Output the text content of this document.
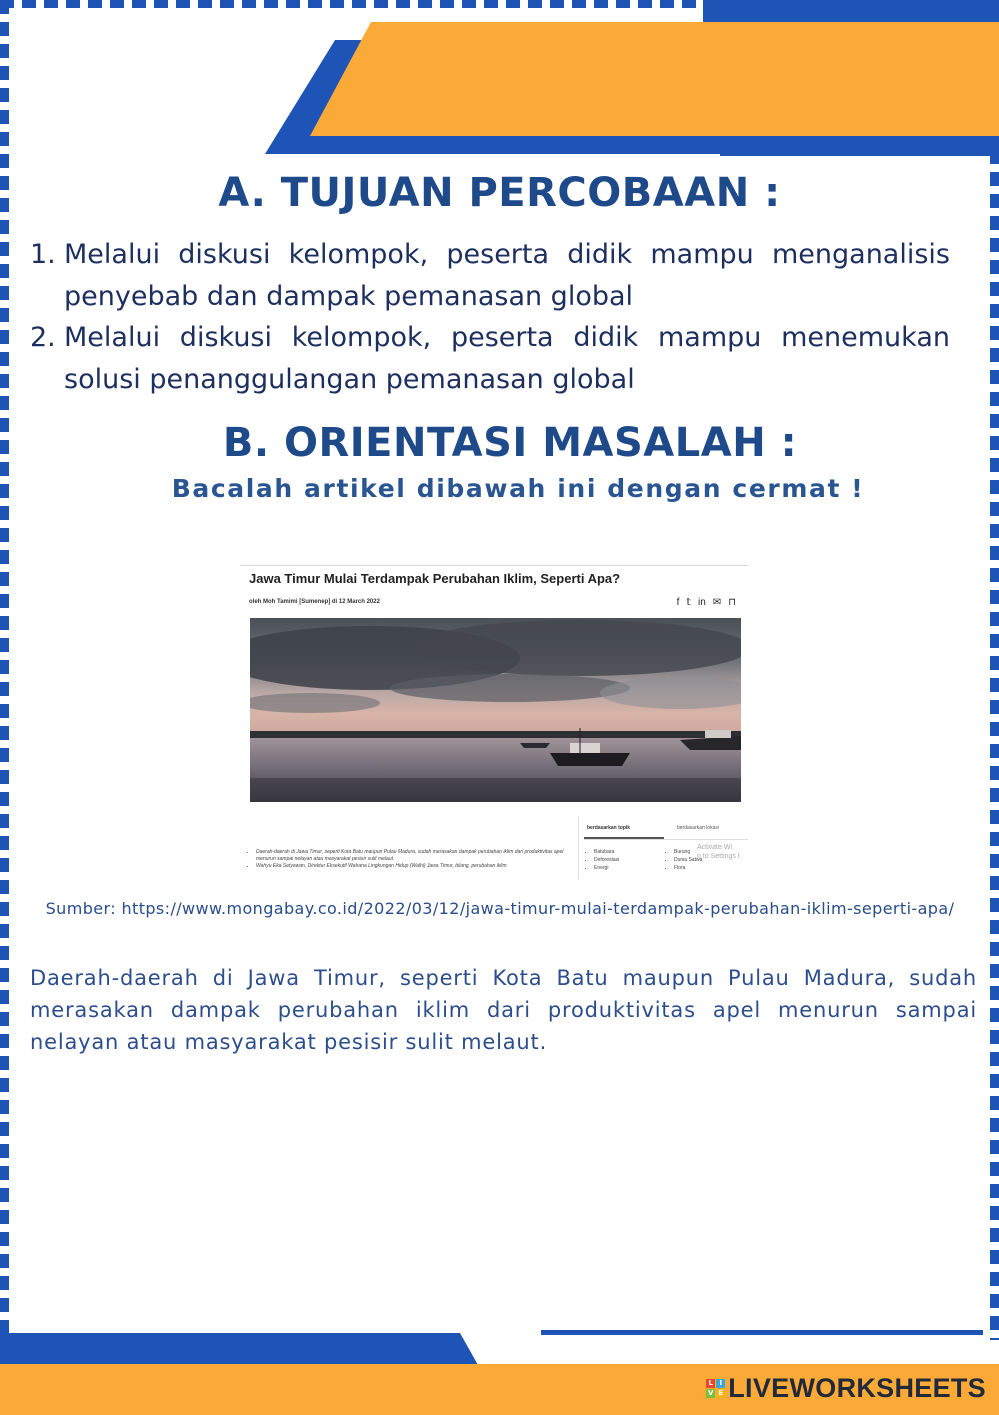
A. TUJUAN PERCOBAAN :
1. Melalui diskusi kelompok, peserta didik mampu menganalisis penyebab dan dampak pemanasan global
2. Melalui diskusi kelompok, peserta didik mampu menemukan solusi penanggulangan pemanasan global
B. ORIENTASI MASALAH :

Bacalah artikel dibawah ini dengan cermat !

Jawa Timur Mulai Terdampak Perubahan Iklim, Seperti Apa?

oleh Moh Tamimi [Sumenep] di 12 March 2022	f 𝕥 in ✉ ⊓
berdasarkan topik	berdasarkan lokasi
• Batubara
• Deforestasi
• Energi
• Burung
• Dunia Satwa
• Flora
Activate Wi
o to Settings t
• Daerah-daerah di Jawa Timur, seperti Kota Batu maupun Pulau Madura, sudah merasakan dampak perubahan iklim dari produktivitas apel menurun sampai nelayan atau masyarakat pesisir sulit melaut.
• Wahyu Eka Setyawan, Direktur Eksekutif Wahana Lingkungan Hidup (Walhi) Jawa Timur, bilang, perubahan iklim

Sumber: https://www.mongabay.co.id/2022/03/12/jawa-timur-mulai-terdampak-perubahan-iklim-seperti-apa/

Daerah-daerah di Jawa Timur, seperti Kota Batu maupun Pulau Madura, sudah merasakan dampak perubahan iklim dari produktivitas apel menurun sampai nelayan atau masyarakat pesisir sulit melaut.

L I
V E LIVEWORKSHEETS
